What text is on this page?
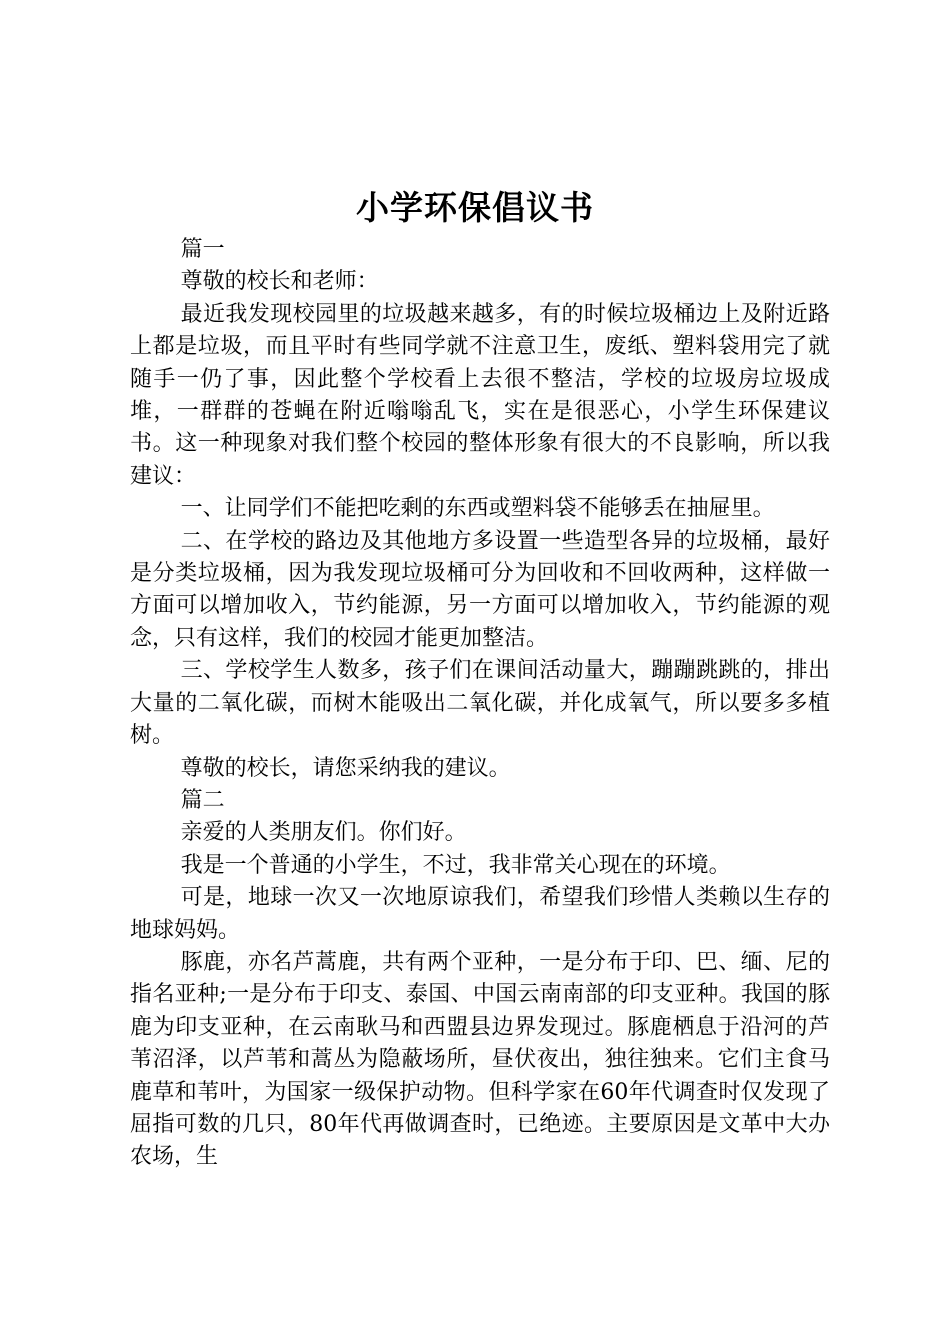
小学环保倡议书

篇一

尊敬的校长和老师：

最近我发现校园里的垃圾越来越多，有的时候垃圾桶边上及附近路上都是垃圾，而且平时有些同学就不注意卫生，废纸、塑料袋用完了就随手一仍了事，因此整个学校看上去很不整洁，学校的垃圾房垃圾成堆，一群群的苍蝇在附近嗡嗡乱飞，实在是很恶心，小学生环保建议书。这一种现象对我们整个校园的整体形象有很大的不良影响，所以我建议：

一、让同学们不能把吃剩的东西或塑料袋不能够丢在抽屉里。

二、在学校的路边及其他地方多设置一些造型各异的垃圾桶，最好是分类垃圾桶，因为我发现垃圾桶可分为回收和不回收两种，这样做一方面可以增加收入，节约能源，另一方面可以增加收入，节约能源的观念，只有这样，我们的校园才能更加整洁。

三、学校学生人数多，孩子们在课间活动量大，蹦蹦跳跳的，排出大量的二氧化碳，而树木能吸出二氧化碳，并化成氧气，所以要多多植树。

尊敬的校长，请您采纳我的建议。

篇二

亲爱的人类朋友们。你们好。

我是一个普通的小学生，不过，我非常关心现在的环境。

可是，地球一次又一次地原谅我们，希望我们珍惜人类赖以生存的地球妈妈。

豚鹿，亦名芦蒿鹿，共有两个亚种，一是分布于印、巴、缅、尼的指名亚种;一是分布于印支、泰国、中国云南南部的印支亚种。我国的豚鹿为印支亚种，在云南耿马和西盟县边界发现过。豚鹿栖息于沿河的芦苇沼泽，以芦苇和蒿丛为隐蔽场所，昼伏夜出，独往独来。它们主食马鹿草和苇叶，为国家一级保护动物。但科学家在60年代调查时仅发现了屈指可数的几只，80年代再做调查时，已绝迹。主要原因是文革中大办农场，生
